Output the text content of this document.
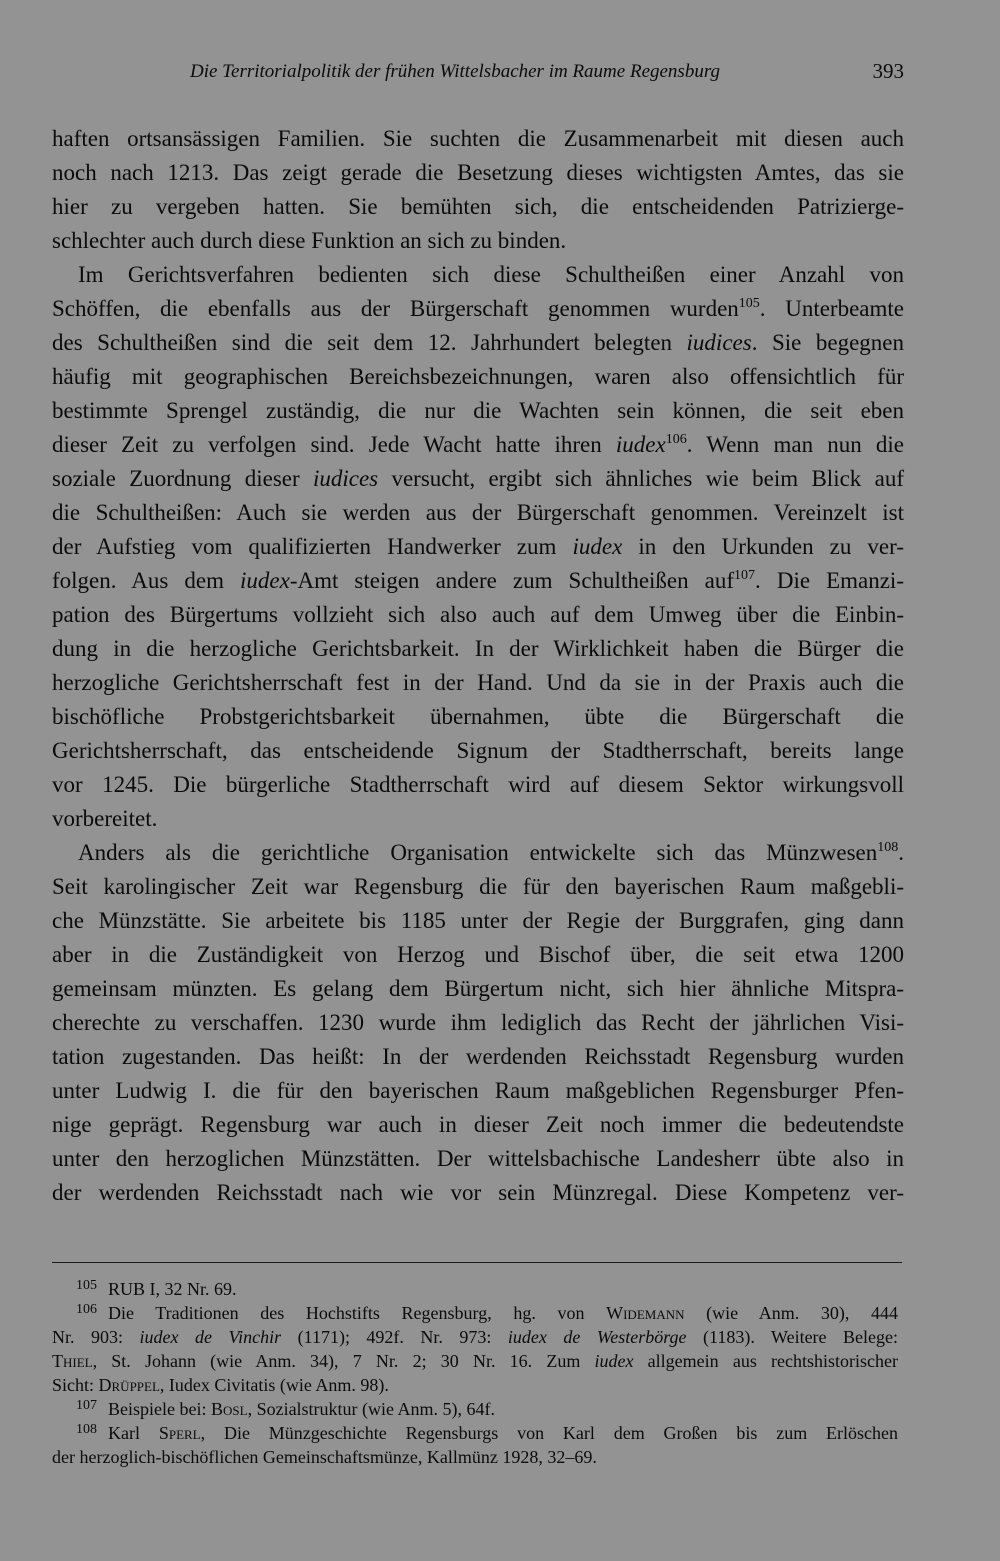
Die Territorialpolitik der frühen Wittelsbacher im Raume Regensburg	393
haften ortsansässigen Familien. Sie suchten die Zusammenarbeit mit diesen auch
noch nach 1213. Das zeigt gerade die Besetzung dieses wichtigsten Amtes, das sie
hier zu vergeben hatten. Sie bemühten sich, die entscheidenden Patrizierge-
schlechter auch durch diese Funktion an sich zu binden.
Im Gerichtsverfahren bedienten sich diese Schultheißen einer Anzahl von
Schöffen, die ebenfalls aus der Bürgerschaft genommen wurden$^{105}$. Unterbeamte
des Schultheißen sind die seit dem 12. Jahrhundert belegten iudices. Sie begegnen
häufig mit geographischen Bereichsbezeichnungen, waren also offensichtlich für
bestimmte Sprengel zuständig, die nur die Wachten sein können, die seit eben
dieser Zeit zu verfolgen sind. Jede Wacht hatte ihren iudex$^{106}$. Wenn man nun die
soziale Zuordnung dieser iudices versucht, ergibt sich ähnliches wie beim Blick auf
die Schultheißen: Auch sie werden aus der Bürgerschaft genommen. Vereinzelt ist
der Aufstieg vom qualifizierten Handwerker zum iudex in den Urkunden zu ver-
folgen. Aus dem iudex-Amt steigen andere zum Schultheißen auf$^{107}$. Die Emanzi-
pation des Bürgertums vollzieht sich also auch auf dem Umweg über die Einbin-
dung in die herzogliche Gerichtsbarkeit. In der Wirklichkeit haben die Bürger die
herzogliche Gerichtsherrschaft fest in der Hand. Und da sie in der Praxis auch die
bischöfliche Probstgerichtsbarkeit übernahmen, übte die Bürgerschaft die
Gerichtsherrschaft, das entscheidende Signum der Stadtherrschaft, bereits lange
vor 1245. Die bürgerliche Stadtherrschaft wird auf diesem Sektor wirkungsvoll
vorbereitet.
Anders als die gerichtliche Organisation entwickelte sich das Münzwesen$^{108}$.
Seit karolingischer Zeit war Regensburg die für den bayerischen Raum maßgebli-
che Münzstätte. Sie arbeitete bis 1185 unter der Regie der Burggrafen, ging dann
aber in die Zuständigkeit von Herzog und Bischof über, die seit etwa 1200
gemeinsam münzten. Es gelang dem Bürgertum nicht, sich hier ähnliche Mitspra-
cherechte zu verschaffen. 1230 wurde ihm lediglich das Recht der jährlichen Visi-
tation zugestanden. Das heißt: In der werdenden Reichsstadt Regensburg wurden
unter Ludwig I. die für den bayerischen Raum maßgeblichen Regensburger Pfen-
nige geprägt. Regensburg war auch in dieser Zeit noch immer die bedeutendste
unter den herzoglichen Münzstätten. Der wittelsbachische Landesherr übte also in
der werdenden Reichsstadt nach wie vor sein Münzregal. Diese Kompetenz ver-
105 RUB I, 32 Nr. 69.
106 Die Traditionen des Hochstifts Regensburg, hg. von Widemann (wie Anm. 30), 444
Nr. 903: iudex de Vinchir (1171); 492f. Nr. 973: iudex de Westerbörge (1183). Weitere Belege:
Thiel, St. Johann (wie Anm. 34), 7 Nr. 2; 30 Nr. 16. Zum iudex allgemein aus rechtshistorischer
Sicht: Drüppel, Iudex Civitatis (wie Anm. 98).
107 Beispiele bei: Bosl, Sozialstruktur (wie Anm. 5), 64f.
108 Karl Sperl, Die Münzgeschichte Regensburgs von Karl dem Großen bis zum Erlöschen
der herzoglich-bischöflichen Gemeinschaftsmünze, Kallmünz 1928, 32–69.
